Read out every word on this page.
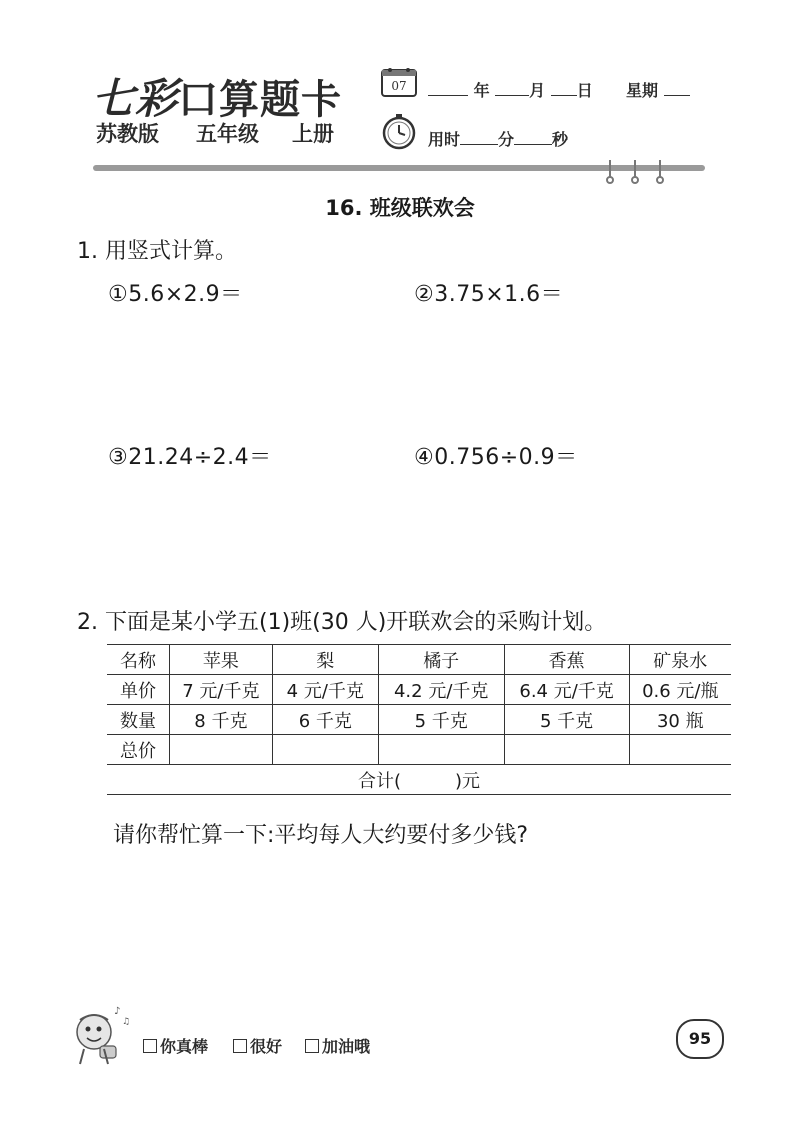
七彩口算题卡
苏教版 五年级 上册
07	年 月 日 星期
用时 分 秒
16. 班级联欢会
1. 用竖式计算。
①5.6×2.9＝	②3.75×1.6＝
③21.24÷2.4＝	④0.756÷0.9＝
2. 下面是某小学五(1)班(30 人)开联欢会的采购计划。
名称	苹果	梨	橘子	香蕉	矿泉水
单价	7 元/千克	4 元/千克	4.2 元/千克	6.4 元/千克	0.6 元/瓶
数量	8 千克	6 千克	5 千克	5 千克	30 瓶
总价					
合计(　　　)元					
请你帮忙算一下:平均每人大约要付多少钱?
♪
♫
你真棒	很好	加油哦	95
